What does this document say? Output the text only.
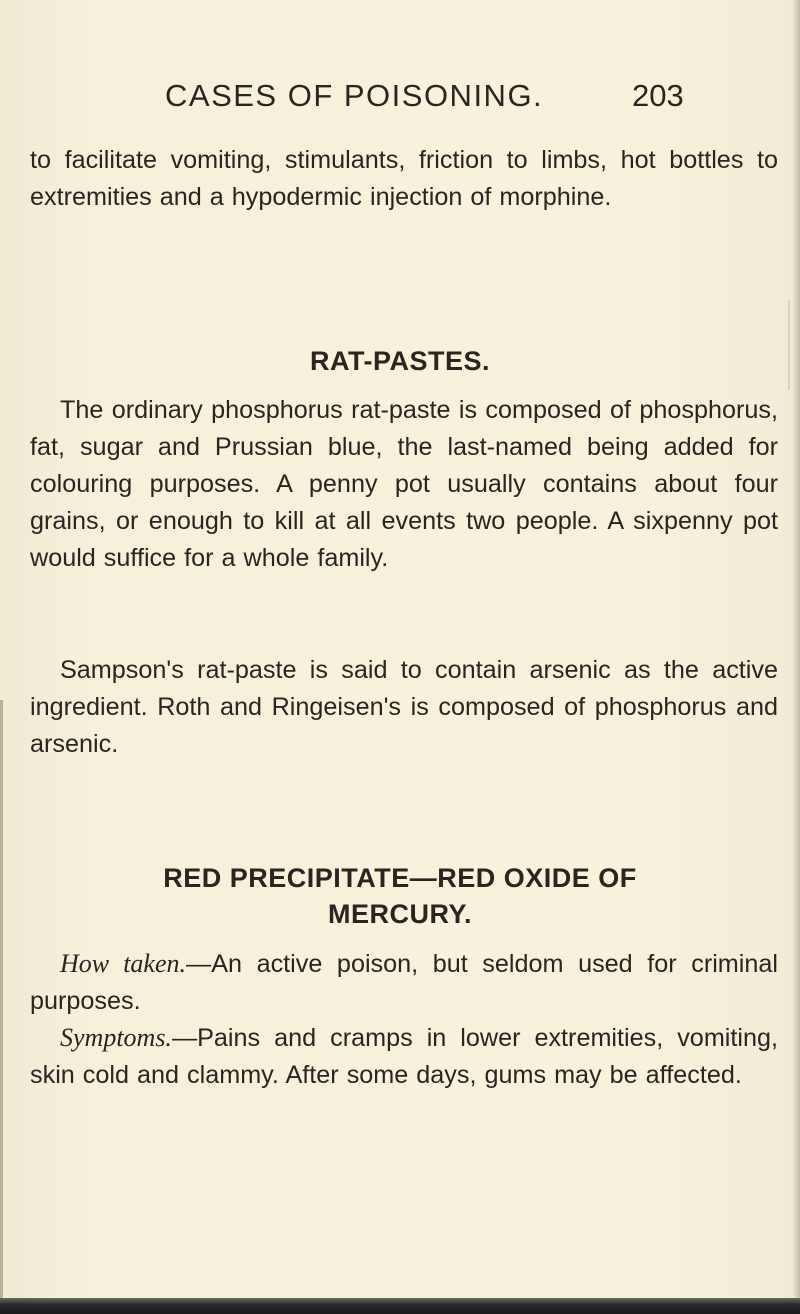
CASES OF POISONING.	203

to facilitate vomiting, stimulants, friction to limbs, hot bottles to extremities and a hypodermic injection of morphine.

RAT-PASTES.

The ordinary phosphorus rat-paste is composed of phosphorus, fat, sugar and Prussian blue, the last-named being added for colouring purposes. A penny pot usually contains about four grains, or enough to kill at all events two people. A sixpenny pot would suffice for a whole family.

Sampson's rat-paste is said to contain arsenic as the active ingredient. Roth and Ringeisen's is composed of phosphorus and arsenic.

RED PRECIPITATE—RED OXIDE OF
MERCURY.

How taken.—An active poison, but seldom used for criminal purposes.

Symptoms.—Pains and cramps in lower extremities, vomiting, skin cold and clammy. After some days, gums may be affected.
